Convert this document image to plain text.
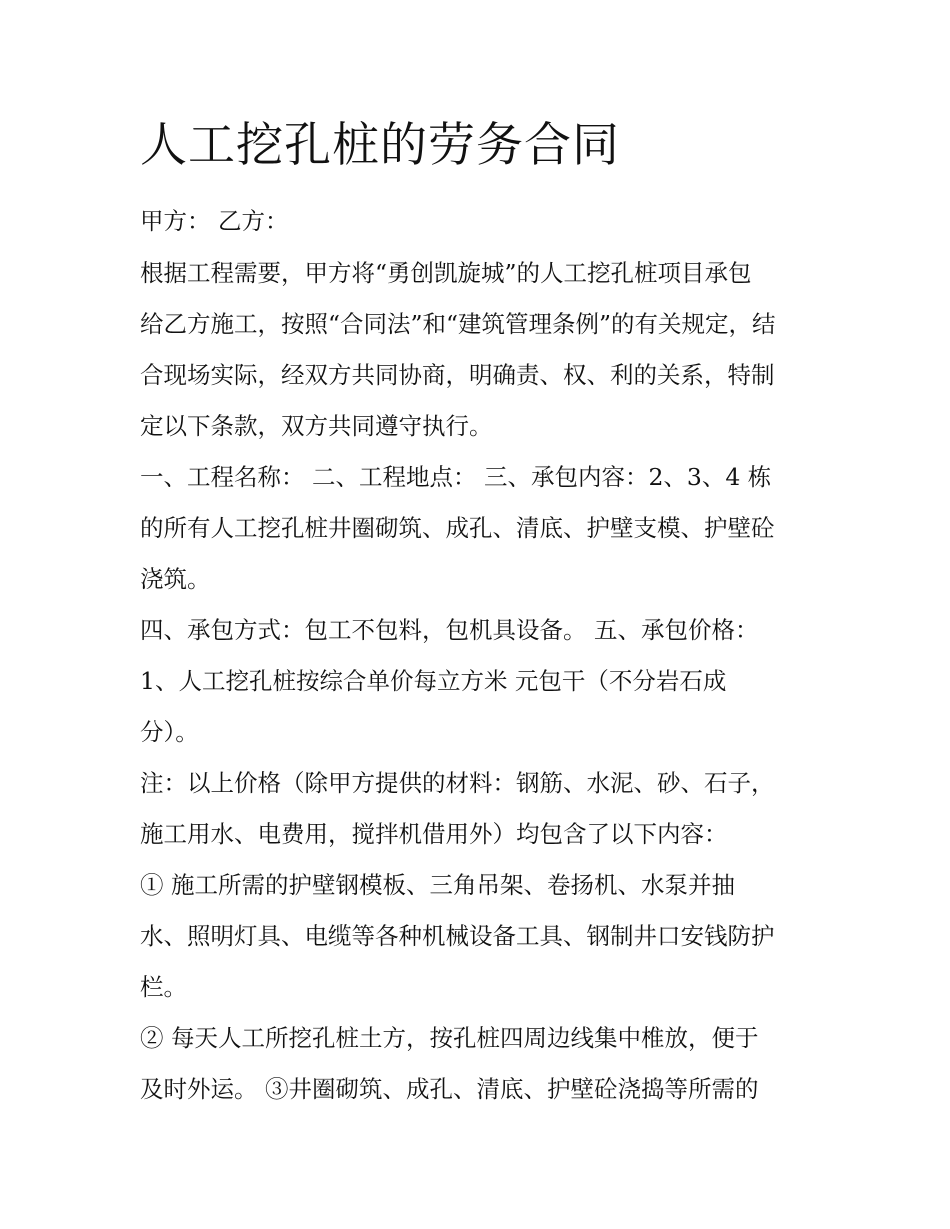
人工挖孔桩的劳务合同

甲方： 乙方：

根据工程需要，甲方将“勇创凯旋城”的人工挖孔桩项目承包

给乙方施工，按照“合同法”和“建筑管理条例”的有关规定，结

合现场实际，经双方共同协商，明确责、权、利的关系，特制

定以下条款，双方共同遵守执行。

一、工程名称： 二、工程地点： 三、承包内容：2、3、4 栋

的所有人工挖孔桩井圈砌筑、成孔、清底、护壁支模、护壁砼

浇筑。

四、承包方式：包工不包料，包机具设备。 五、承包价格：

1、人工挖孔桩按综合单价每立方米 元包干（不分岩石成

分）。

注：以上价格（除甲方提供的材料：钢筋、水泥、砂、石子，

施工用水、电费用，搅拌机借用外）均包含了以下内容：

① 施工所需的护壁钢模板、三角吊架、卷扬机、水泵并抽

水、照明灯具、电缆等各种机械设备工具、钢制井口安钱防护

栏。

② 每天人工所挖孔桩土方，按孔桩四周边线集中椎放，便于

及时外运。 ③井圈砌筑、成孔、清底、护壁砼浇捣等所需的
